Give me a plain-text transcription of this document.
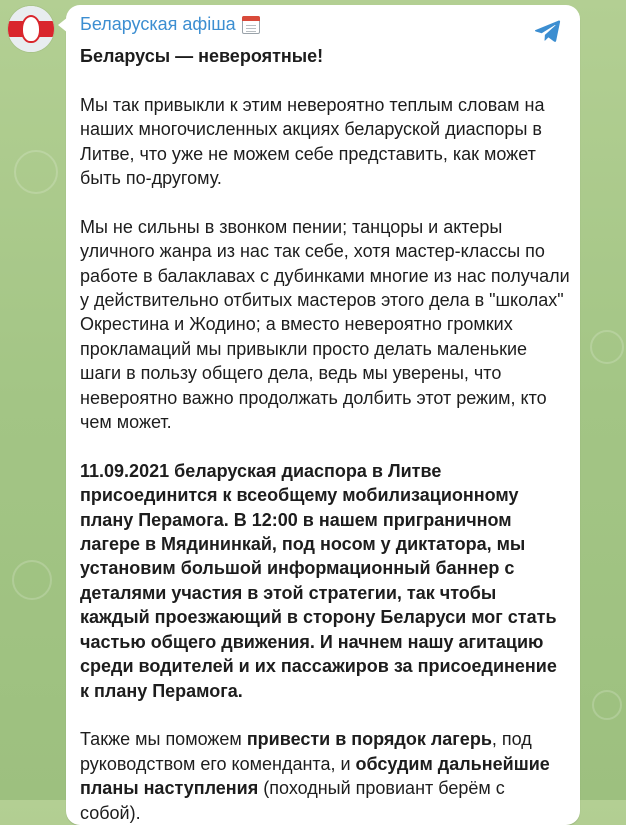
Беларуская афіша

Беларусы — невероятные!

Мы так привыкли к этим невероятно теплым словам на наших многочисленных акциях беларуской диаспоры в Литве, что уже не можем себе представить, как может быть по-другому.

Мы не сильны в звонком пении; танцоры и актеры уличного жанра из нас так себе, хотя мастер-классы по работе в балаклавах с дубинками многие из нас получали у действительно отбитых мастеров этого дела в "школах" Окрестина и Жодино; а вместо невероятно громких прокламаций мы привыкли просто делать маленькие шаги в пользу общего дела, ведь мы уверены, что невероятно важно продолжать долбить этот режим, кто чем может.

11.09.2021 беларуская диаспора в Литве присоединится к всеобщему мобилизационному плану Перамога. В 12:00 в нашем приграничном лагере в Мядининкай, под носом у диктатора, мы установим большой информационный баннер с деталями участия в этой стратегии, так чтобы каждый проезжающий в сторону Беларуси мог стать частью общего движения. И начнем нашу агитацию среди водителей и их пассажиров за присоединение к плану Перамога.

Также мы поможем привести в порядок лагерь, под руководством его коменданта, и обсудим дальнейшие планы наступления (походный провиант берём с собой).
